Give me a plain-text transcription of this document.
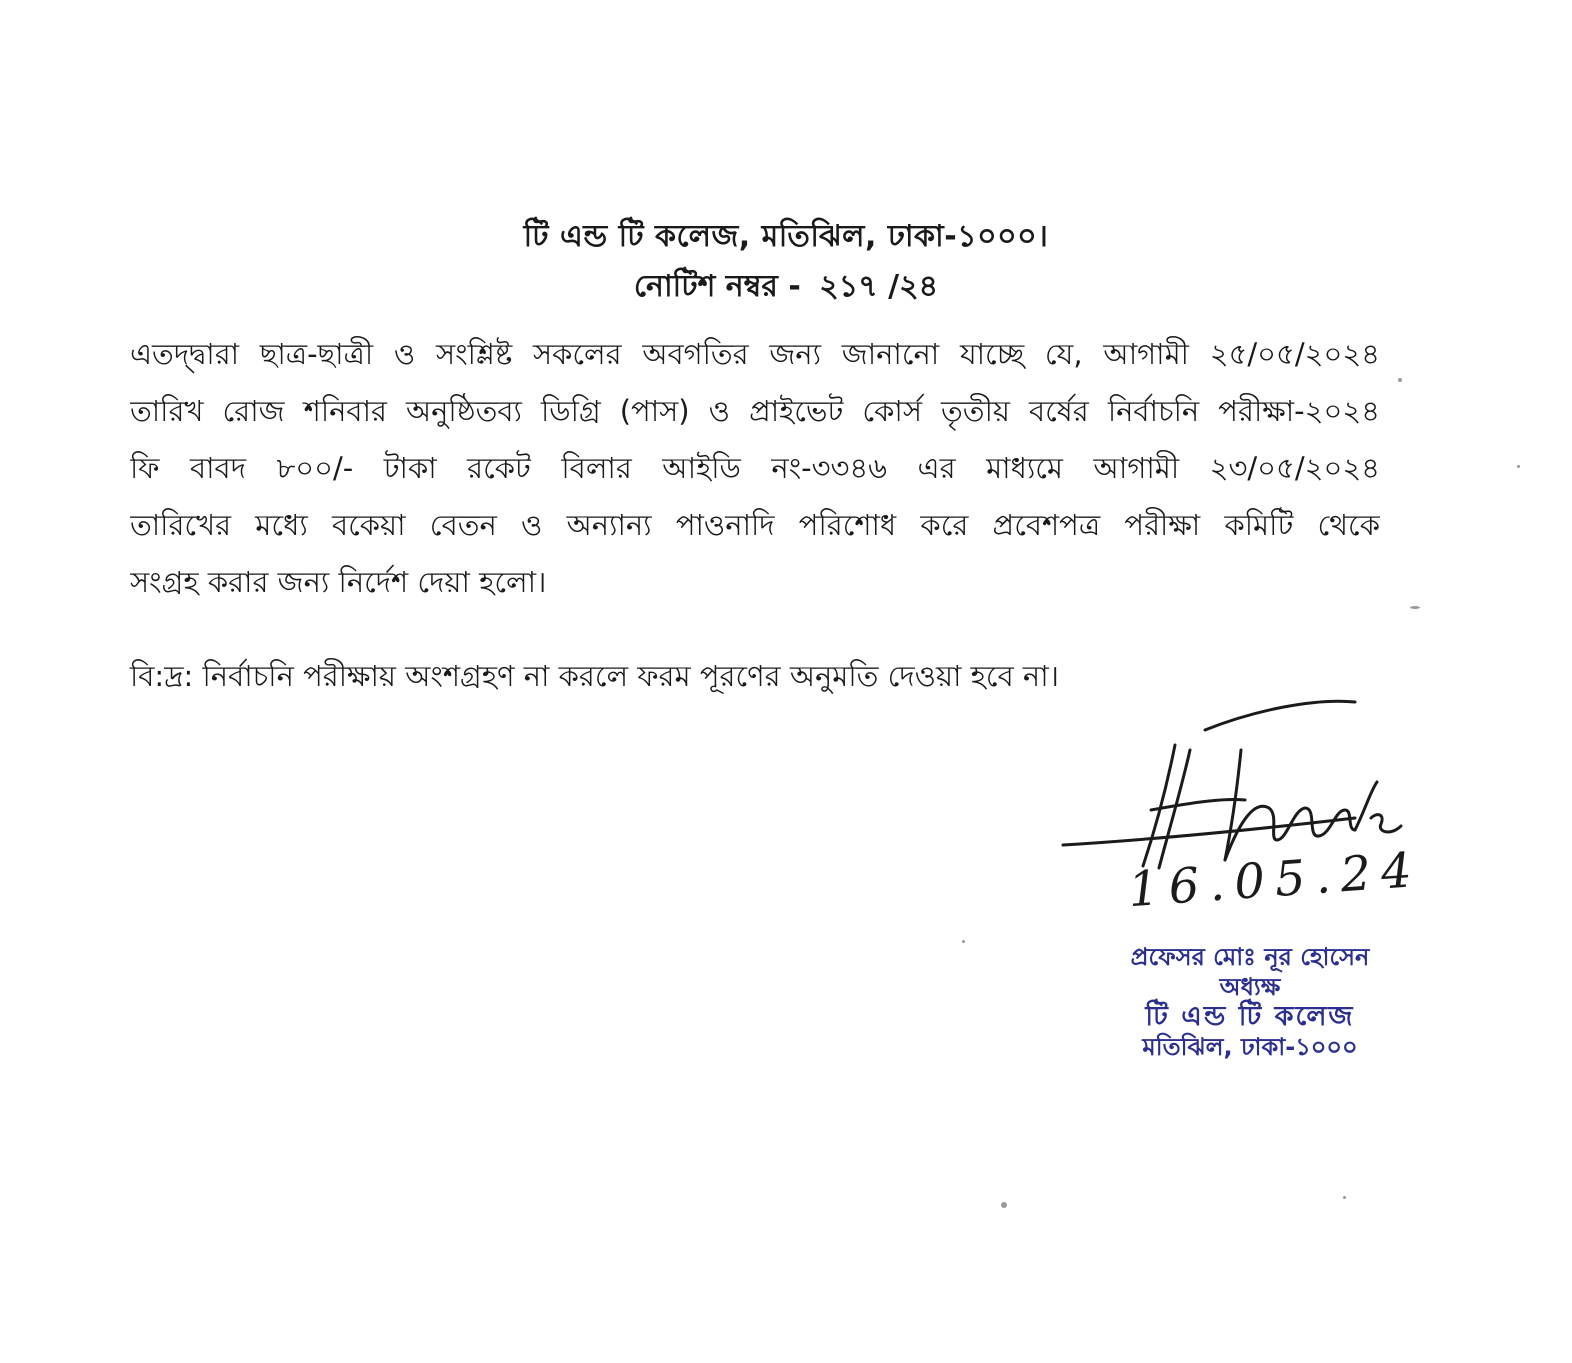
টি এন্ড টি কলেজ, মতিঝিল, ঢাকা-১০০০।
নোটিশ নম্বর - ২১৭ /২৪
এতদ্দ্বারা ছাত্র-ছাত্রী ও সংশ্লিষ্ট সকলের অবগতির জন্য জানানো যাচ্ছে যে, আগামী ২৫/০৫/২০২৪
তারিখ রোজ শনিবার অনুষ্ঠিতব্য ডিগ্রি (পাস) ও প্রাইভেট কোর্স তৃতীয় বর্ষের নির্বাচনি পরীক্ষা-২০২৪
ফি বাবদ ৮০০/- টাকা রকেট বিলার আইডি নং-৩৩৪৬ এর মাধ্যমে আগামী ২৩/০৫/২০২৪
তারিখের মধ্যে বকেয়া বেতন ও অন্যান্য পাওনাদি পরিশোধ করে প্রবেশপত্র পরীক্ষা কমিটি থেকে
সংগ্রহ করার জন্য নির্দেশ দেয়া হলো।
বি:দ্র: নির্বাচনি পরীক্ষায় অংশগ্রহণ না করলে ফরম পূরণের অনুমতি দেওয়া হবে না।
16.05.24
প্রফেসর মোঃ নূর হোসেন
অধ্যক্ষ
টি এন্ড টি কলেজ
মতিঝিল, ঢাকা-১০০০
